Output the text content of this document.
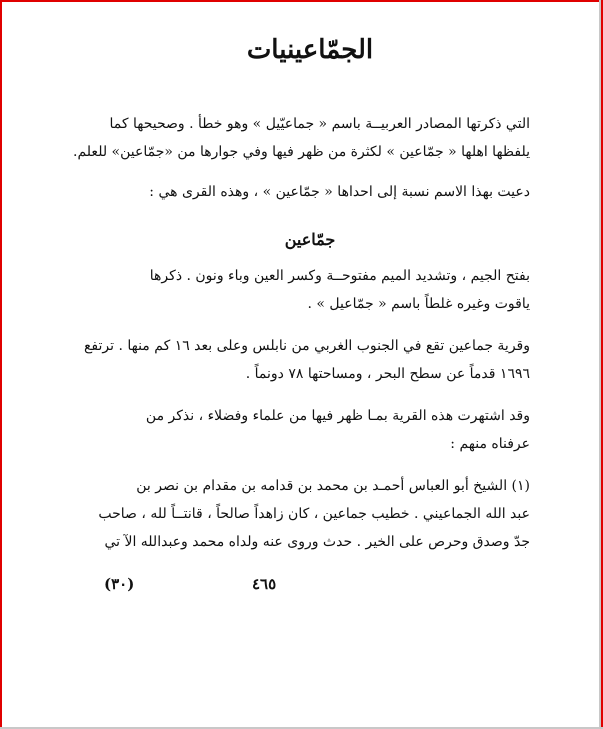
الجمّاعينيات

التي ذكرتها المصادر العربيــة باسم « جماعيّيل » وهو خطأ . وصحيحها كما
يلفظها اهلها « جمّاعين » لكثرة من ظهر فيها وفي جوارها من «جمّاعين» للعلم.

دعيت بهذا الاسم نسبة إلى احداها « جمّاعين » ، وهذه القرى هي :

جمّاعين

بفتح الجيم ، وتشديد الميم مفتوحــة وكسر العين وباء ونون . ذكرها
ياقوت وغيره غلطاً باسم « جمّاعيل » .

وقرية جماعين تقع في الجنوب الغربي من نابلس وعلى بعد ١٦ كم منها . ترتفع
١٦٩٦ قدماً عن سطح البحر ، ومساحتها ٧٨ دونماً .

وقد اشتهرت هذه القرية بمـا ظهر فيها من علماء وفضلاء ، نذكر من
عرفناه منهم :

(١) الشيخ أبو العباس أحمـد بن محمد بن قدامه بن مقدام بن نصر بن
عبد الله الجماعيني . خطيب جماعين ، كان زاهداً صالحاً ، قانتــاً لله ، صاحب
جدّ وصدق وحرص على الخير . حدث وروى عنه ولداه محمد وعبدالله الآ تي

٤٦٥
(٣٠)
